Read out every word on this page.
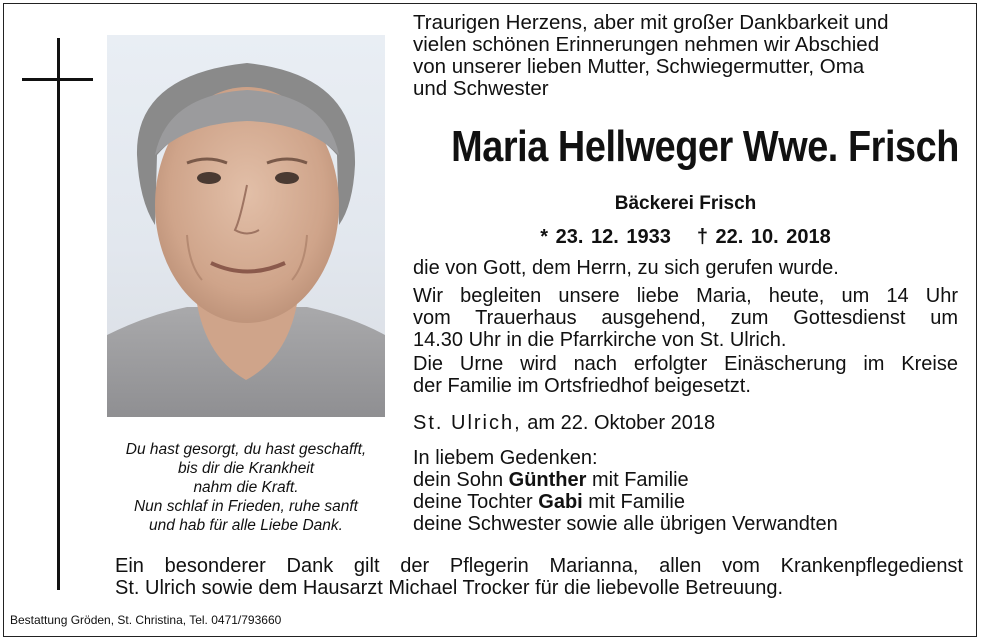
Du hast gesorgt, du hast geschafft,
bis dir die Krankheit
nahm die Kraft.
Nun schlaf in Frieden, ruhe sanft
und hab für alle Liebe Dank.
Traurigen Herzens, aber mit großer Dankbarkeit und
vielen schönen Erinnerungen nehmen wir Abschied
von unserer lieben Mutter, Schwiegermutter, Oma
und Schwester
Maria Hellweger Wwe. Frisch
Bäckerei Frisch
* 23. 12. 1933 † 22. 10. 2018
die von Gott, dem Herrn, zu sich gerufen wurde.
Wir begleiten unsere liebe Maria, heute, um 14 Uhr
vom Trauerhaus ausgehend, zum Gottesdienst um
14.30 Uhr in die Pfarrkirche von St. Ulrich.
Die Urne wird nach erfolgter Einäscherung im Kreise
der Familie im Ortsfriedhof beigesetzt.
St. Ulrich, am 22. Oktober 2018
In liebem Gedenken:
dein Sohn Günther mit Familie
deine Tochter Gabi mit Familie
deine Schwester sowie alle übrigen Verwandten
Ein besonderer Dank gilt der Pflegerin Marianna, allen vom Krankenpflegedienst
St. Ulrich sowie dem Hausarzt Michael Trocker für die liebevolle Betreuung.
Bestattung Gröden, St. Christina, Tel. 0471/793660
